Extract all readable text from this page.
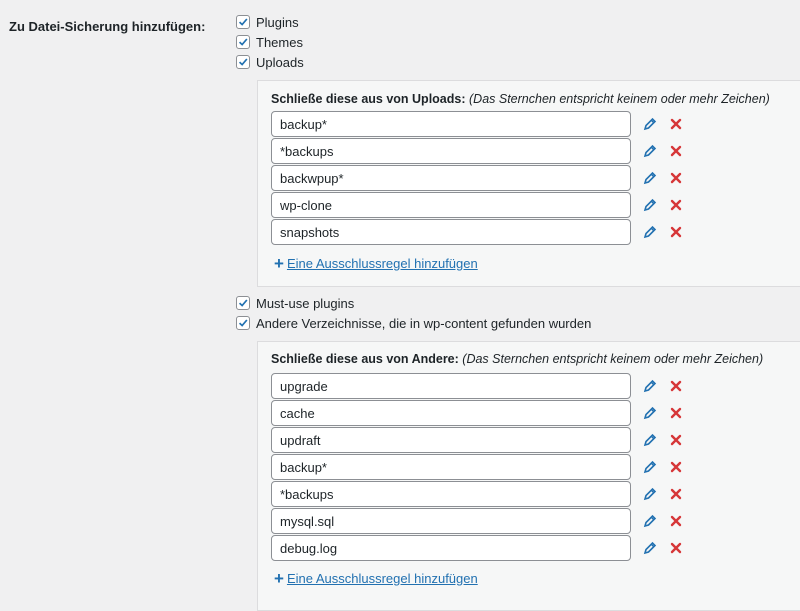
Zu Datei-Sicherung hinzufügen:	Plugins
Themes
Uploads
Schließe diese aus von Uploads: (Das Sternchen entspricht keinem oder mehr Zeichen)
backup*
*backups
backwpup*
wp-clone
snapshots
+ Eine Ausschlussregel hinzufügen
Must-use plugins
Andere Verzeichnisse, die in wp-content gefunden wurden
Schließe diese aus von Andere: (Das Sternchen entspricht keinem oder mehr Zeichen)
upgrade
cache
updraft
backup*
*backups
mysql.sql
debug.log
+ Eine Ausschlussregel hinzufügen
